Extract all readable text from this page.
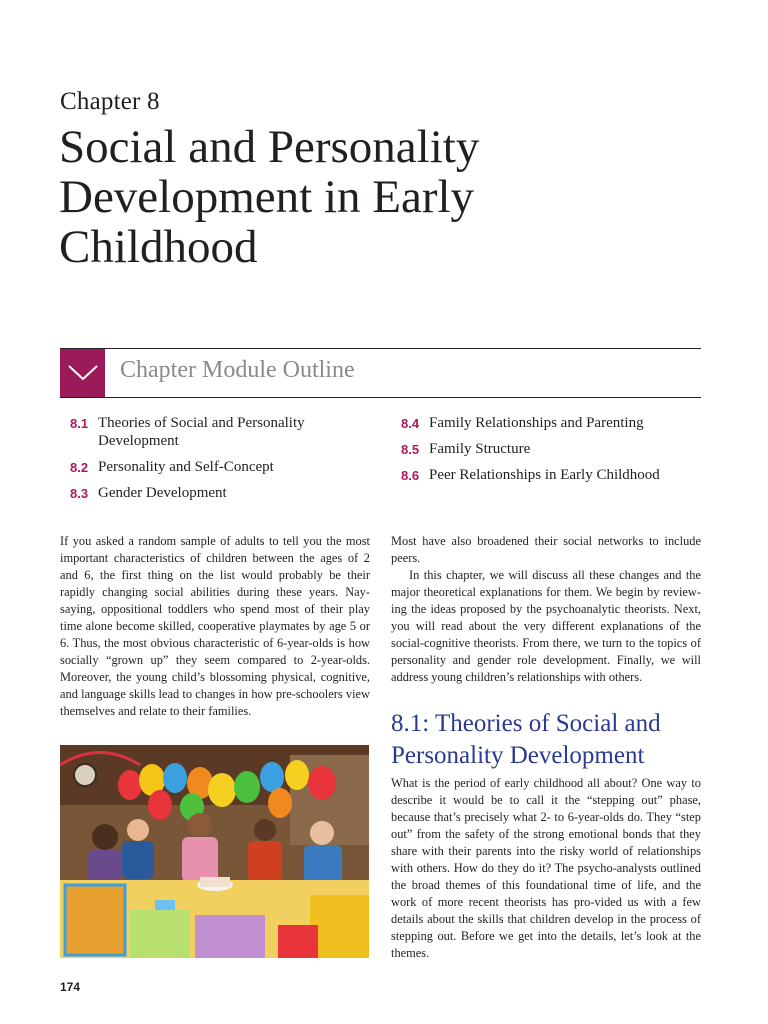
Chapter 8
Social and Personality
Development in Early
Childhood
Chapter Module Outline
8.1 Theories of Social and Personality Development
8.2 Personality and Self-Concept
8.3 Gender Development
8.4 Family Relationships and Parenting
8.5 Family Structure
8.6 Peer Relationships in Early Childhood

If you asked a random sample of adults to tell you the most important characteristics of children between the ages of 2 and 6, the first thing on the list would probably be their rapidly changing social abilities during these years. Nay-saying, oppositional toddlers who spend most of their play time alone become skilled, cooperative playmates by age 5 or 6. Thus, the most obvious characteristic of 6-year-olds is how socially “grown up” they seem compared to 2-year-olds. Moreover, the young child’s blossoming physical, cognitive, and language skills lead to changes in how pre-schoolers view themselves and relate to their families.

Most have also broadened their social networks to include peers.

In this chapter, we will discuss all these changes and the major theoretical explanations for them. We begin by review-ing the ideas proposed by the psychoanalytic theorists. Next, you will read about the very different explanations of the social-cognitive theorists. From there, we turn to the topics of personality and gender role development. Finally, we will address young children’s relationships with others.

8.1: Theories of Social and Personality Development

What is the period of early childhood all about? One way to describe it would be to call it the “stepping out” phase, because that’s precisely what 2- to 6-year-olds do. They “step out” from the safety of the strong emotional bonds that they share with their parents into the risky world of relationships with others. How do they do it? The psycho-analysts outlined the broad themes of this foundational time of life, and the work of more recent theorists has pro-vided us with a few details about the skills that children develop in the process of stepping out. Before we get into the details, let’s look at the themes.

174
